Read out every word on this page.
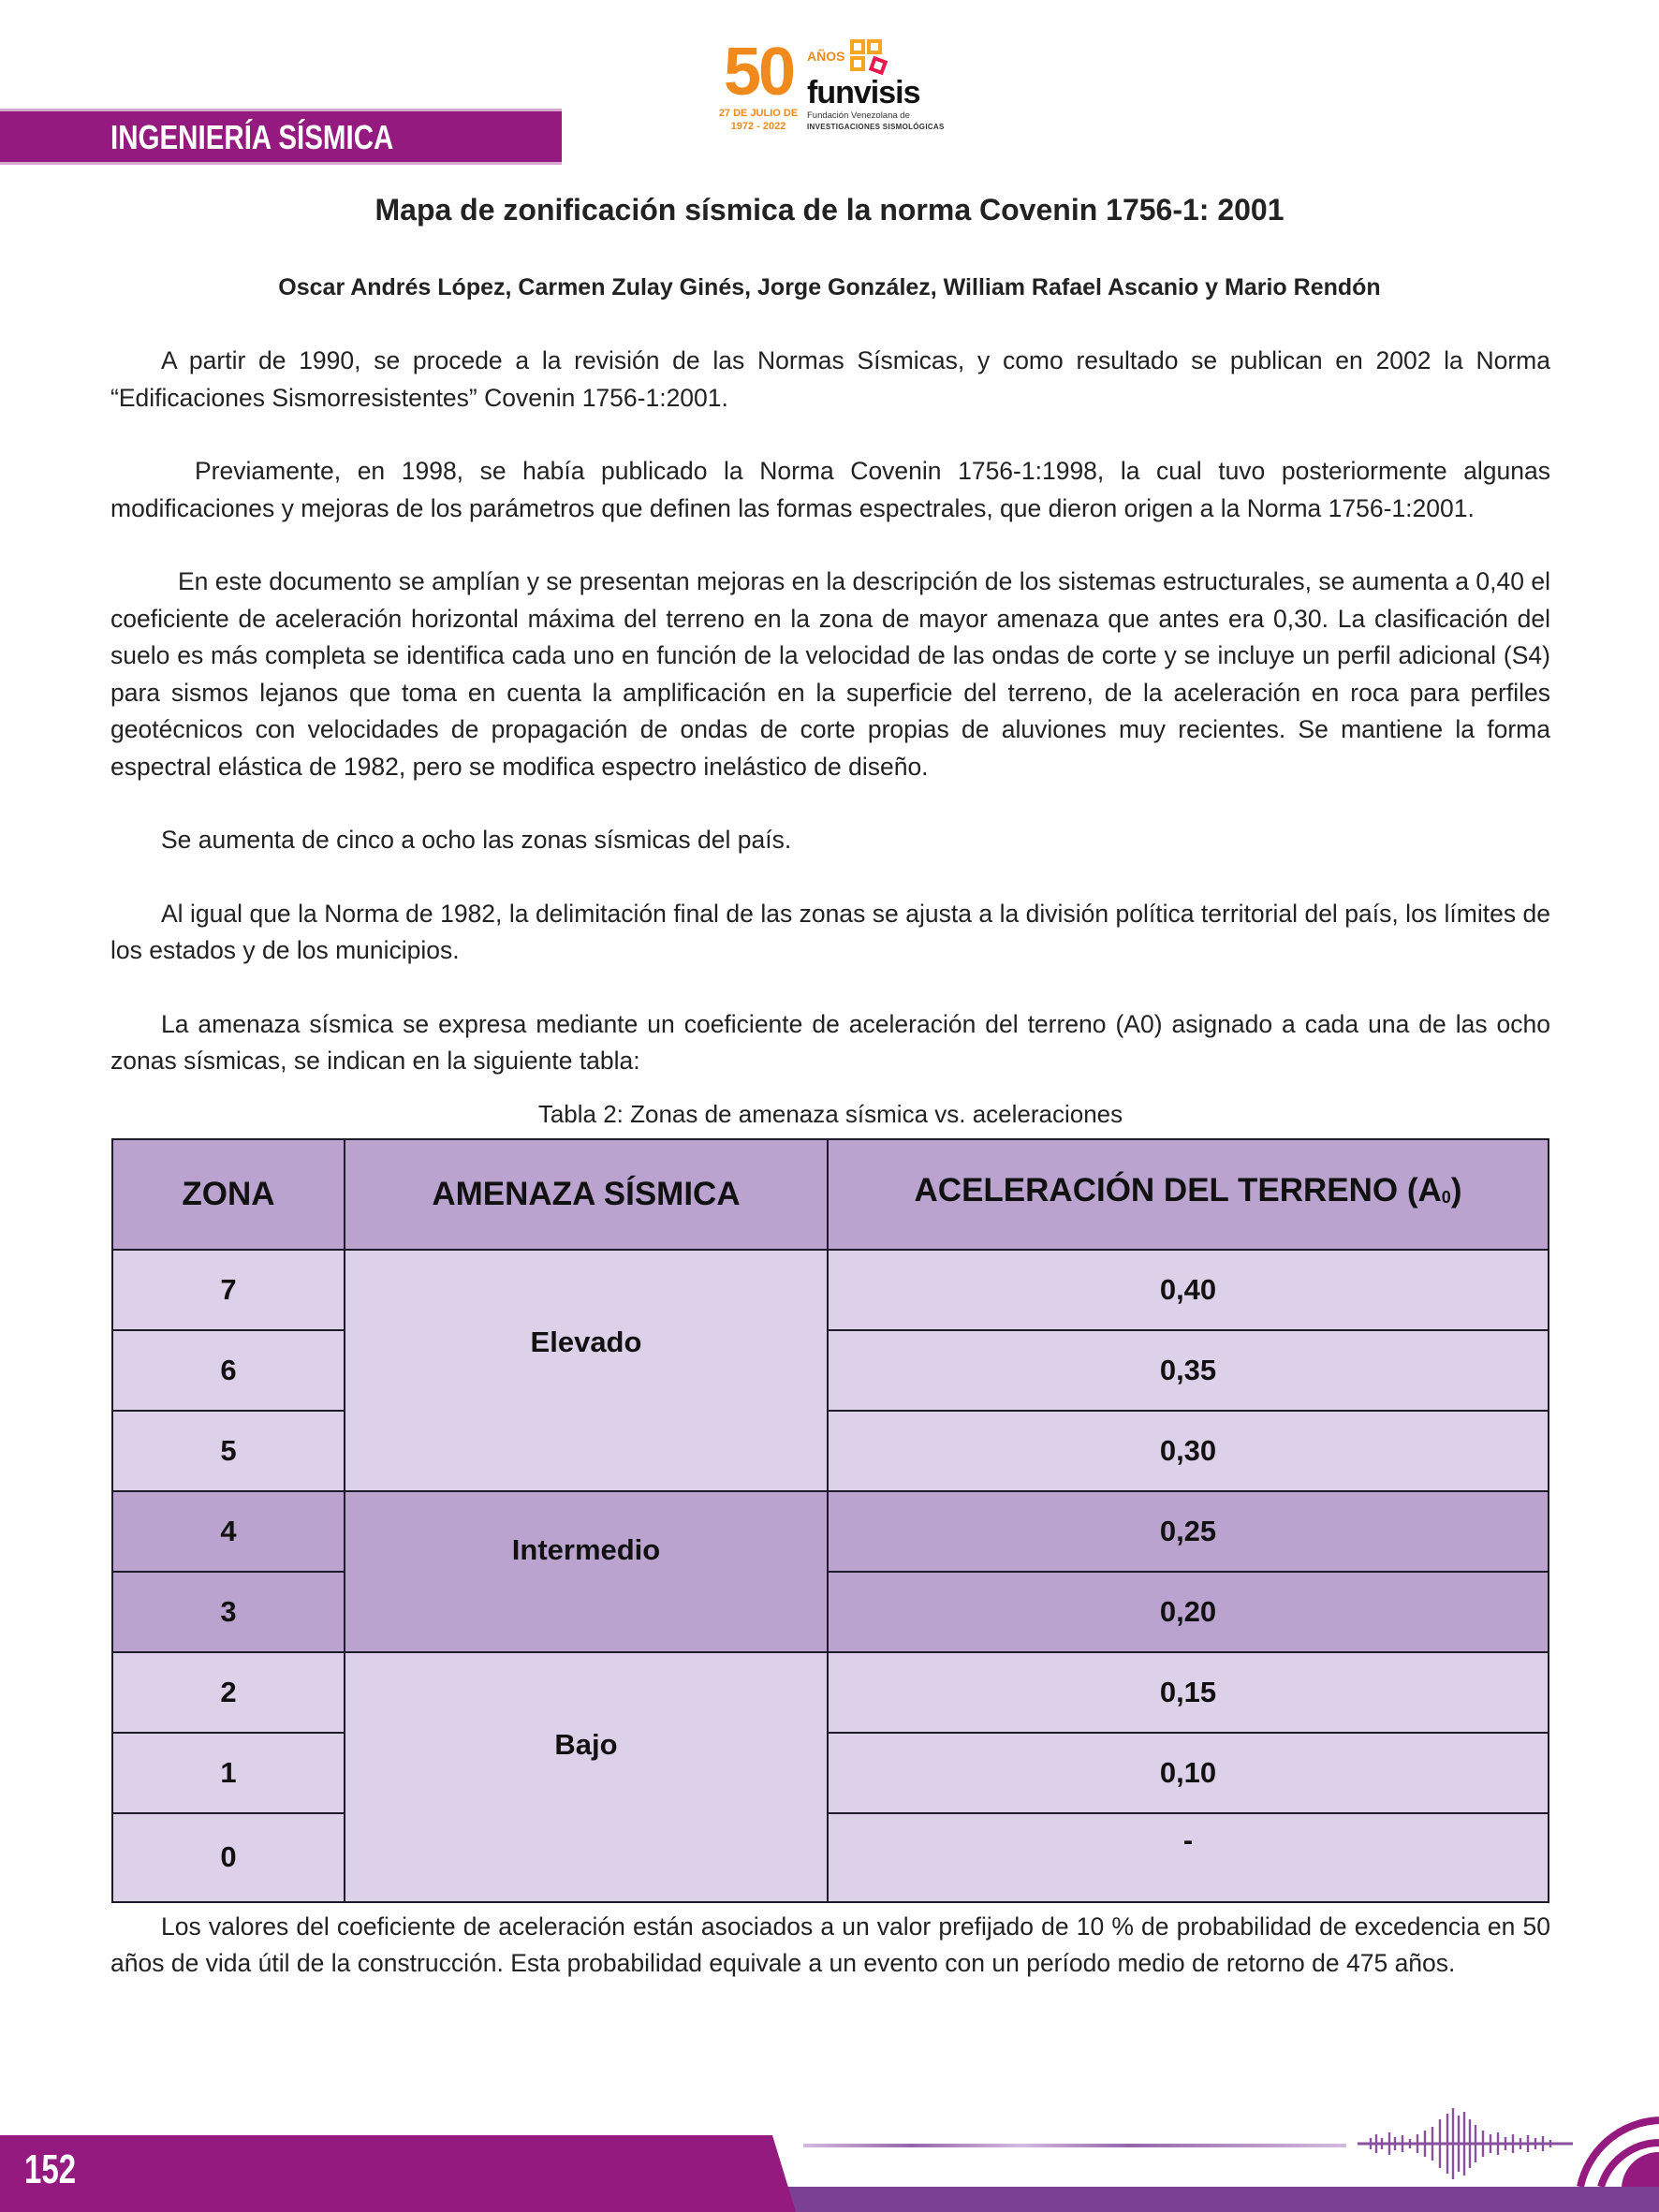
INGENIERÍA SÍSMICA
50
27 DE JULIO DE
1972 - 2022
AÑOS
funvisis
Fundación Venezolana de
INVESTIGACIONES SISMOLÓGICAS
Mapa de zonificación sísmica de la norma Covenin 1756-1: 2001
Oscar Andrés López, Carmen Zulay Ginés, Jorge González, William Rafael Ascanio y Mario Rendón

A partir de 1990, se procede a la revisión de las Normas Sísmicas, y como resultado se publican en 2002 la Norma “Edificaciones Sismorresistentes” Covenin 1756-1:2001.

Previamente, en 1998, se había publicado la Norma Covenin 1756-1:1998, la cual tuvo posteriormente algunas modificaciones y mejoras de los parámetros que definen las formas espectrales, que dieron origen a la Norma 1756-1:2001.

En este documento se amplían y se presentan mejoras en la descripción de los sistemas estructurales, se aumenta a 0,40 el coeficiente de aceleración horizontal máxima del terreno en la zona de mayor amenaza que antes era 0,30. La clasificación del suelo es más completa se identifica cada uno en función de la velocidad de las ondas de corte y se incluye un perfil adicional (S4) para sismos lejanos que toma en cuenta la amplificación en la superficie del terreno, de la aceleración en roca para perfiles geotécnicos con velocidades de propagación de ondas de corte propias de aluviones muy recientes. Se mantiene la forma espectral elástica de 1982, pero se modifica espectro inelástico de diseño.

Se aumenta de cinco a ocho las zonas sísmicas del país.

Al igual que la Norma de 1982, la delimitación final de las zonas se ajusta a la división política territorial del país, los límites de los estados y de los municipios.

La amenaza sísmica se expresa mediante un coeficiente de aceleración del terreno (A0) asignado a cada una de las ocho zonas sísmicas, se indican en la siguiente tabla:

Tabla 2: Zonas de amenaza sísmica vs. aceleraciones
ZONA	AMENAZA SÍSMICA	ACELERACIÓN DEL TERRENO (A0)
7	Elevado	0,40
6		0,35
5		0,30
4	Intermedio	0,25
3		0,20
2	Bajo	0,15
1		0,10
0		-

Los valores del coeficiente de aceleración están asociados a un valor prefijado de 10 % de probabilidad de excedencia en 50 años de vida útil de la construcción. Esta probabilidad equivale a un evento con un período medio de retorno de 475 años.

152
